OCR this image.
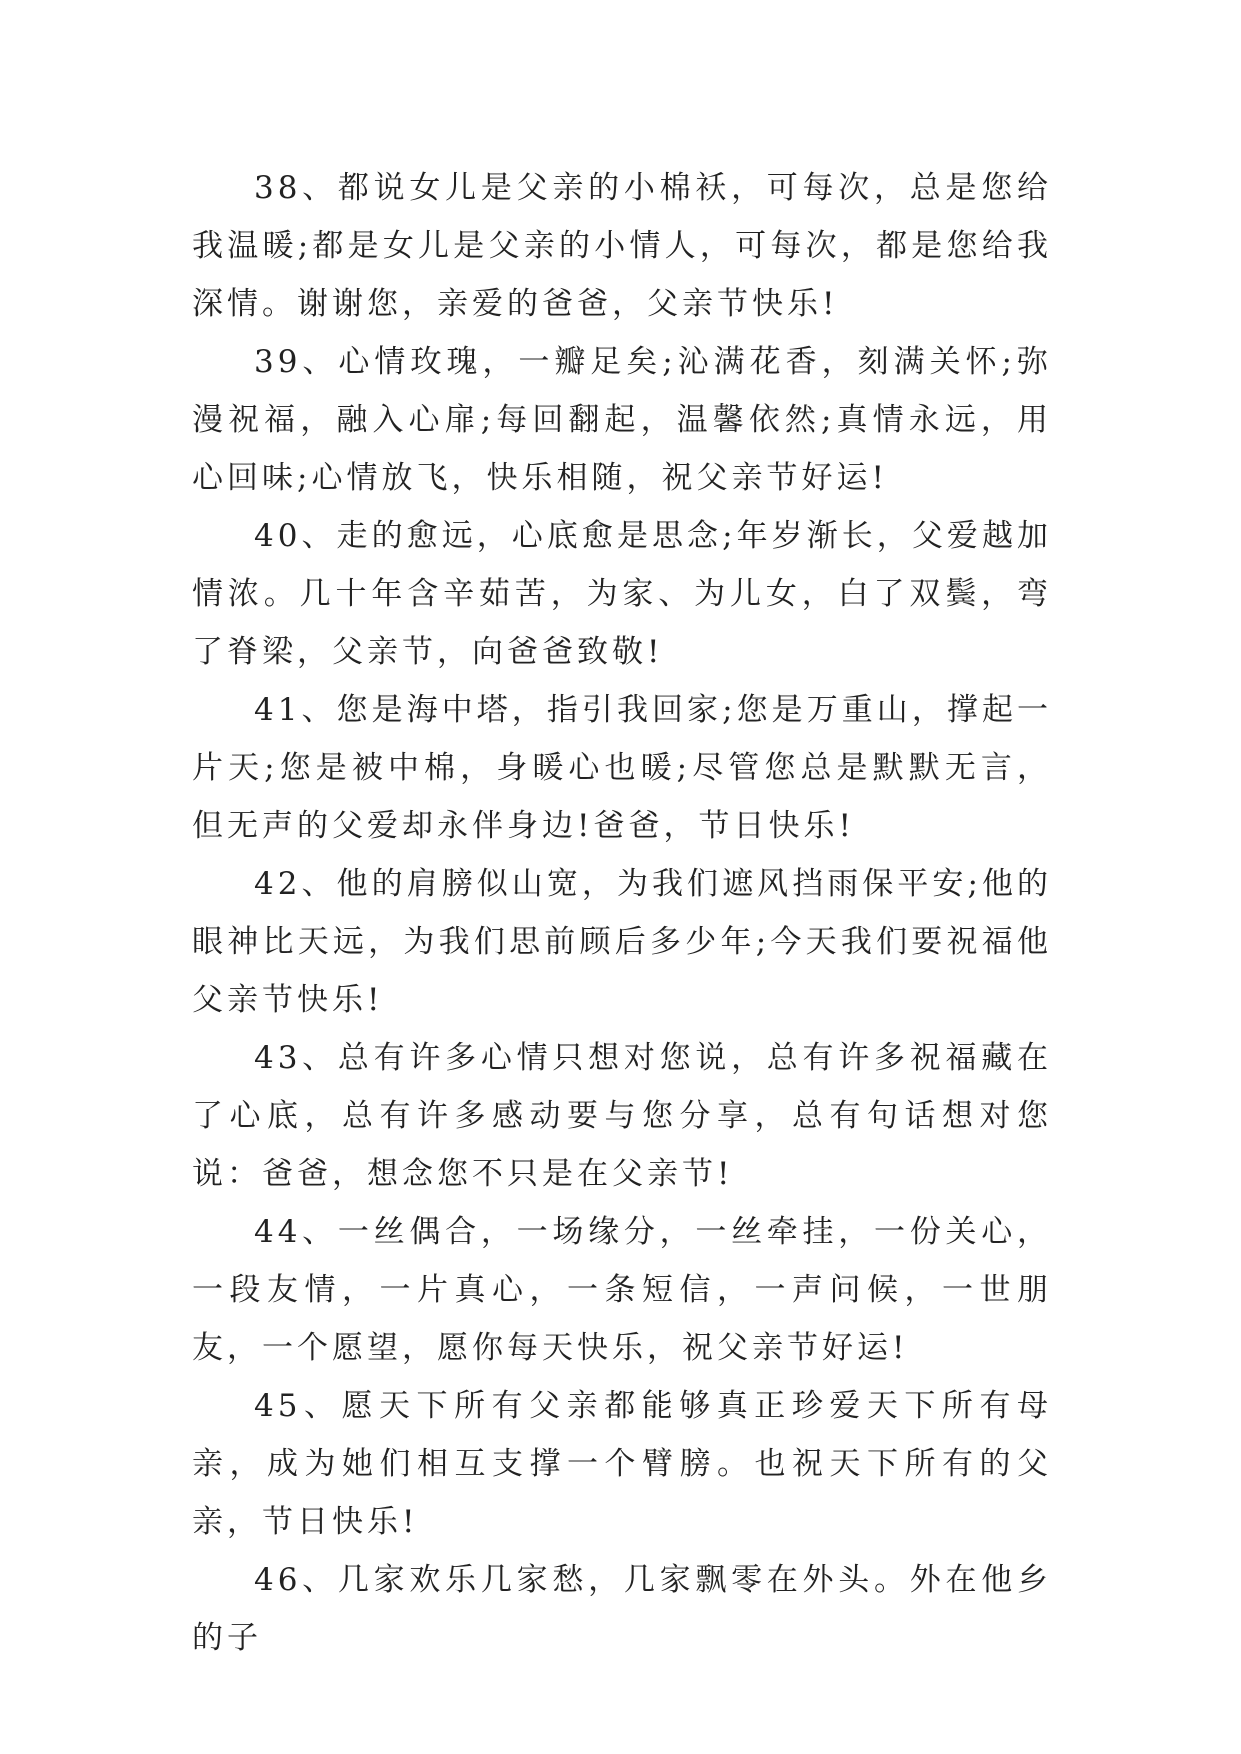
38、都说女儿是父亲的小棉袄，可每次，总是您给我温暖;都是女儿是父亲的小情人，可每次，都是您给我深情。谢谢您，亲爱的爸爸，父亲节快乐!

39、心情玫瑰，一瓣足矣;沁满花香，刻满关怀;弥漫祝福，融入心扉;每回翻起，温馨依然;真情永远，用心回味;心情放飞，快乐相随，祝父亲节好运!

40、走的愈远，心底愈是思念;年岁渐长，父爱越加情浓。几十年含辛茹苦，为家、为儿女，白了双鬓，弯了脊梁，父亲节，向爸爸致敬!

41、您是海中塔，指引我回家;您是万重山，撑起一片天;您是被中棉，身暖心也暖;尽管您总是默默无言，但无声的父爱却永伴身边!爸爸，节日快乐!

42、他的肩膀似山宽，为我们遮风挡雨保平安;他的眼神比天远，为我们思前顾后多少年;今天我们要祝福他父亲节快乐!

43、总有许多心情只想对您说，总有许多祝福藏在了心底，总有许多感动要与您分享，总有句话想对您说：爸爸，想念您不只是在父亲节!

44、一丝偶合，一场缘分，一丝牵挂，一份关心，一段友情，一片真心，一条短信，一声问候，一世朋友，一个愿望，愿你每天快乐，祝父亲节好运!

45、愿天下所有父亲都能够真正珍爱天下所有母亲，成为她们相互支撑一个臂膀。也祝天下所有的父亲，节日快乐!

46、几家欢乐几家愁，几家飘零在外头。外在他乡的子
